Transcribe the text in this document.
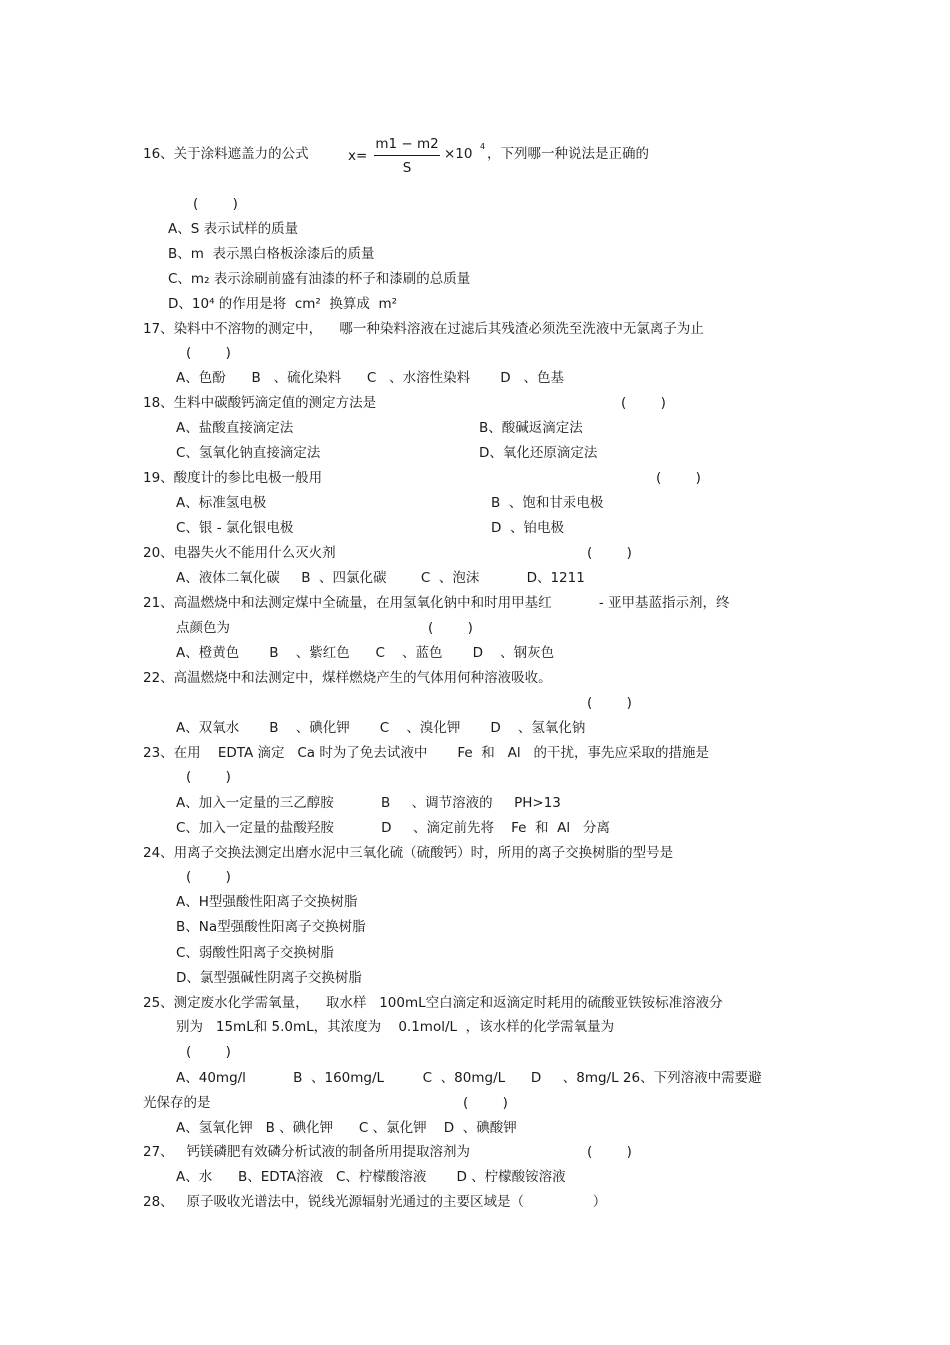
16、关于涂料遮盖力的公式	x=
m1 − m2
S
×10 4 ，下列哪一种说法是正确的
(        )
A、S 表示试样的质量
B、m  表示黑白格板涂漆后的质量
C、m₂ 表示涂刷前盛有油漆的杯子和漆刷的总质量
D、10⁴ 的作用是将  cm²  换算成  m²
17、染料中不溶物的测定中，    哪一种染料溶液在过滤后其残渣必须洗至洗液中无氯离子为止
(        )
A、色酚      B   、硫化染料      C   、水溶性染料       D   、色基
18、生料中碳酸钙滴定值的测定方法是	(        )
A、盐酸直接滴定法	B、酸碱返滴定法
C、氢氧化钠直接滴定法	D、氧化还原滴定法
19、酸度计的参比电极一般用	(        )
A、标准氢电极	B  、饱和甘汞电极
C、银 - 氯化银电极	D  、铂电极
20、电器失火不能用什么灭火剂	(        )
A、液体二氧化碳     B  、四氯化碳        C  、泡沫           D、1211
21、高温燃烧中和法测定煤中全硫量，在用氢氧化钠中和时用甲基红           - 亚甲基蓝指示剂，终
点颜色为	(        )
A、橙黄色       B    、紫红色      C    、蓝色       D    、钢灰色
22、高温燃烧中和法测定中，煤样燃烧产生的气体用何种溶液吸收。
(        )
A、双氧水       B    、碘化钾       C    、溴化钾       D    、氢氧化钠
23、在用    EDTA 滴定   Ca 时为了免去试液中       Fe  和   Al   的干扰，事先应采取的措施是
(        )
A、加入一定量的三乙醇胺           B     、调节溶液的     PH>13
C、加入一定量的盐酸羟胺           D     、滴定前先将    Fe  和  Al   分离
24、用离子交换法测定出磨水泥中三氧化硫（硫酸钙）时，所用的离子交换树脂的型号是
(        )
A、H型强酸性阳离子交换树脂
B、Na型强酸性阳离子交换树脂
C、弱酸性阳离子交换树脂
D、氯型强碱性阴离子交换树脂
25、测定废水化学需氧量，    取水样   100mL空白滴定和返滴定时耗用的硫酸亚铁铵标准溶液分
别为   15mL和 5.0mL，其浓度为    0.1mol/L  ，该水样的化学需氧量为
(        )
A、40mg/l           B  、160mg/L         C  、80mg/L      D     、8mg/L 26、下列溶液中需要避
光保存的是	(        )
A、氢氧化钾   B 、碘化钾      C 、氯化钾    D  、碘酸钾
27、   钙镁磷肥有效磷分析试液的制备所用提取溶剂为	(        )
A、水      B、EDTA溶液   C、柠檬酸溶液       D 、柠檬酸铵溶液
28、   原子吸收光谱法中，锐线光源辐射光通过的主要区域是（                ）
